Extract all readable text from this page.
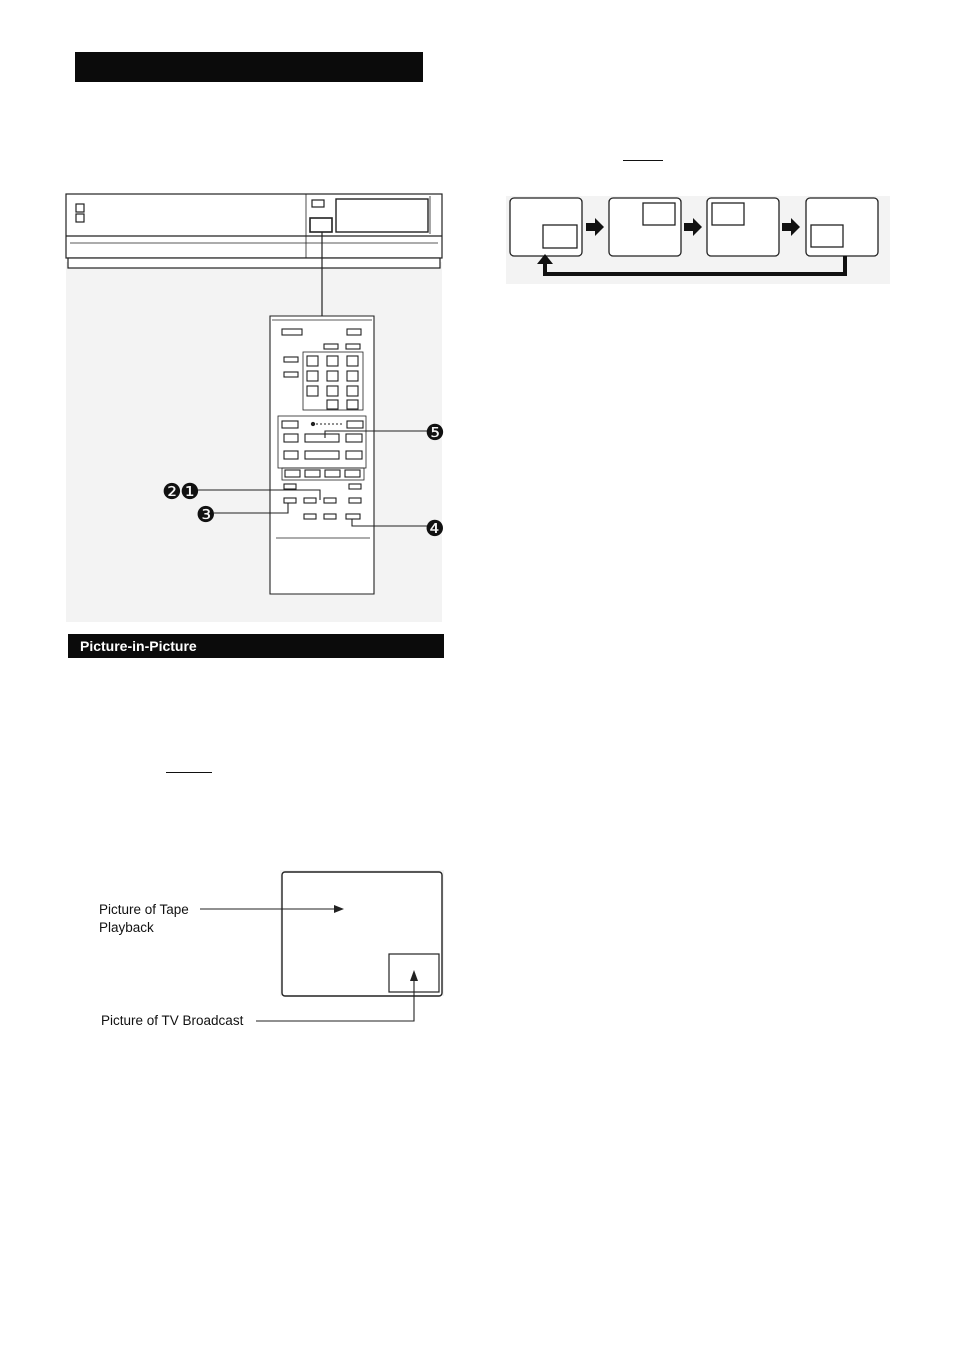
❺
❷
❶
❸
❹
Picture-in-Picture
Picture of Tape
Playback
Picture of TV Broadcast
